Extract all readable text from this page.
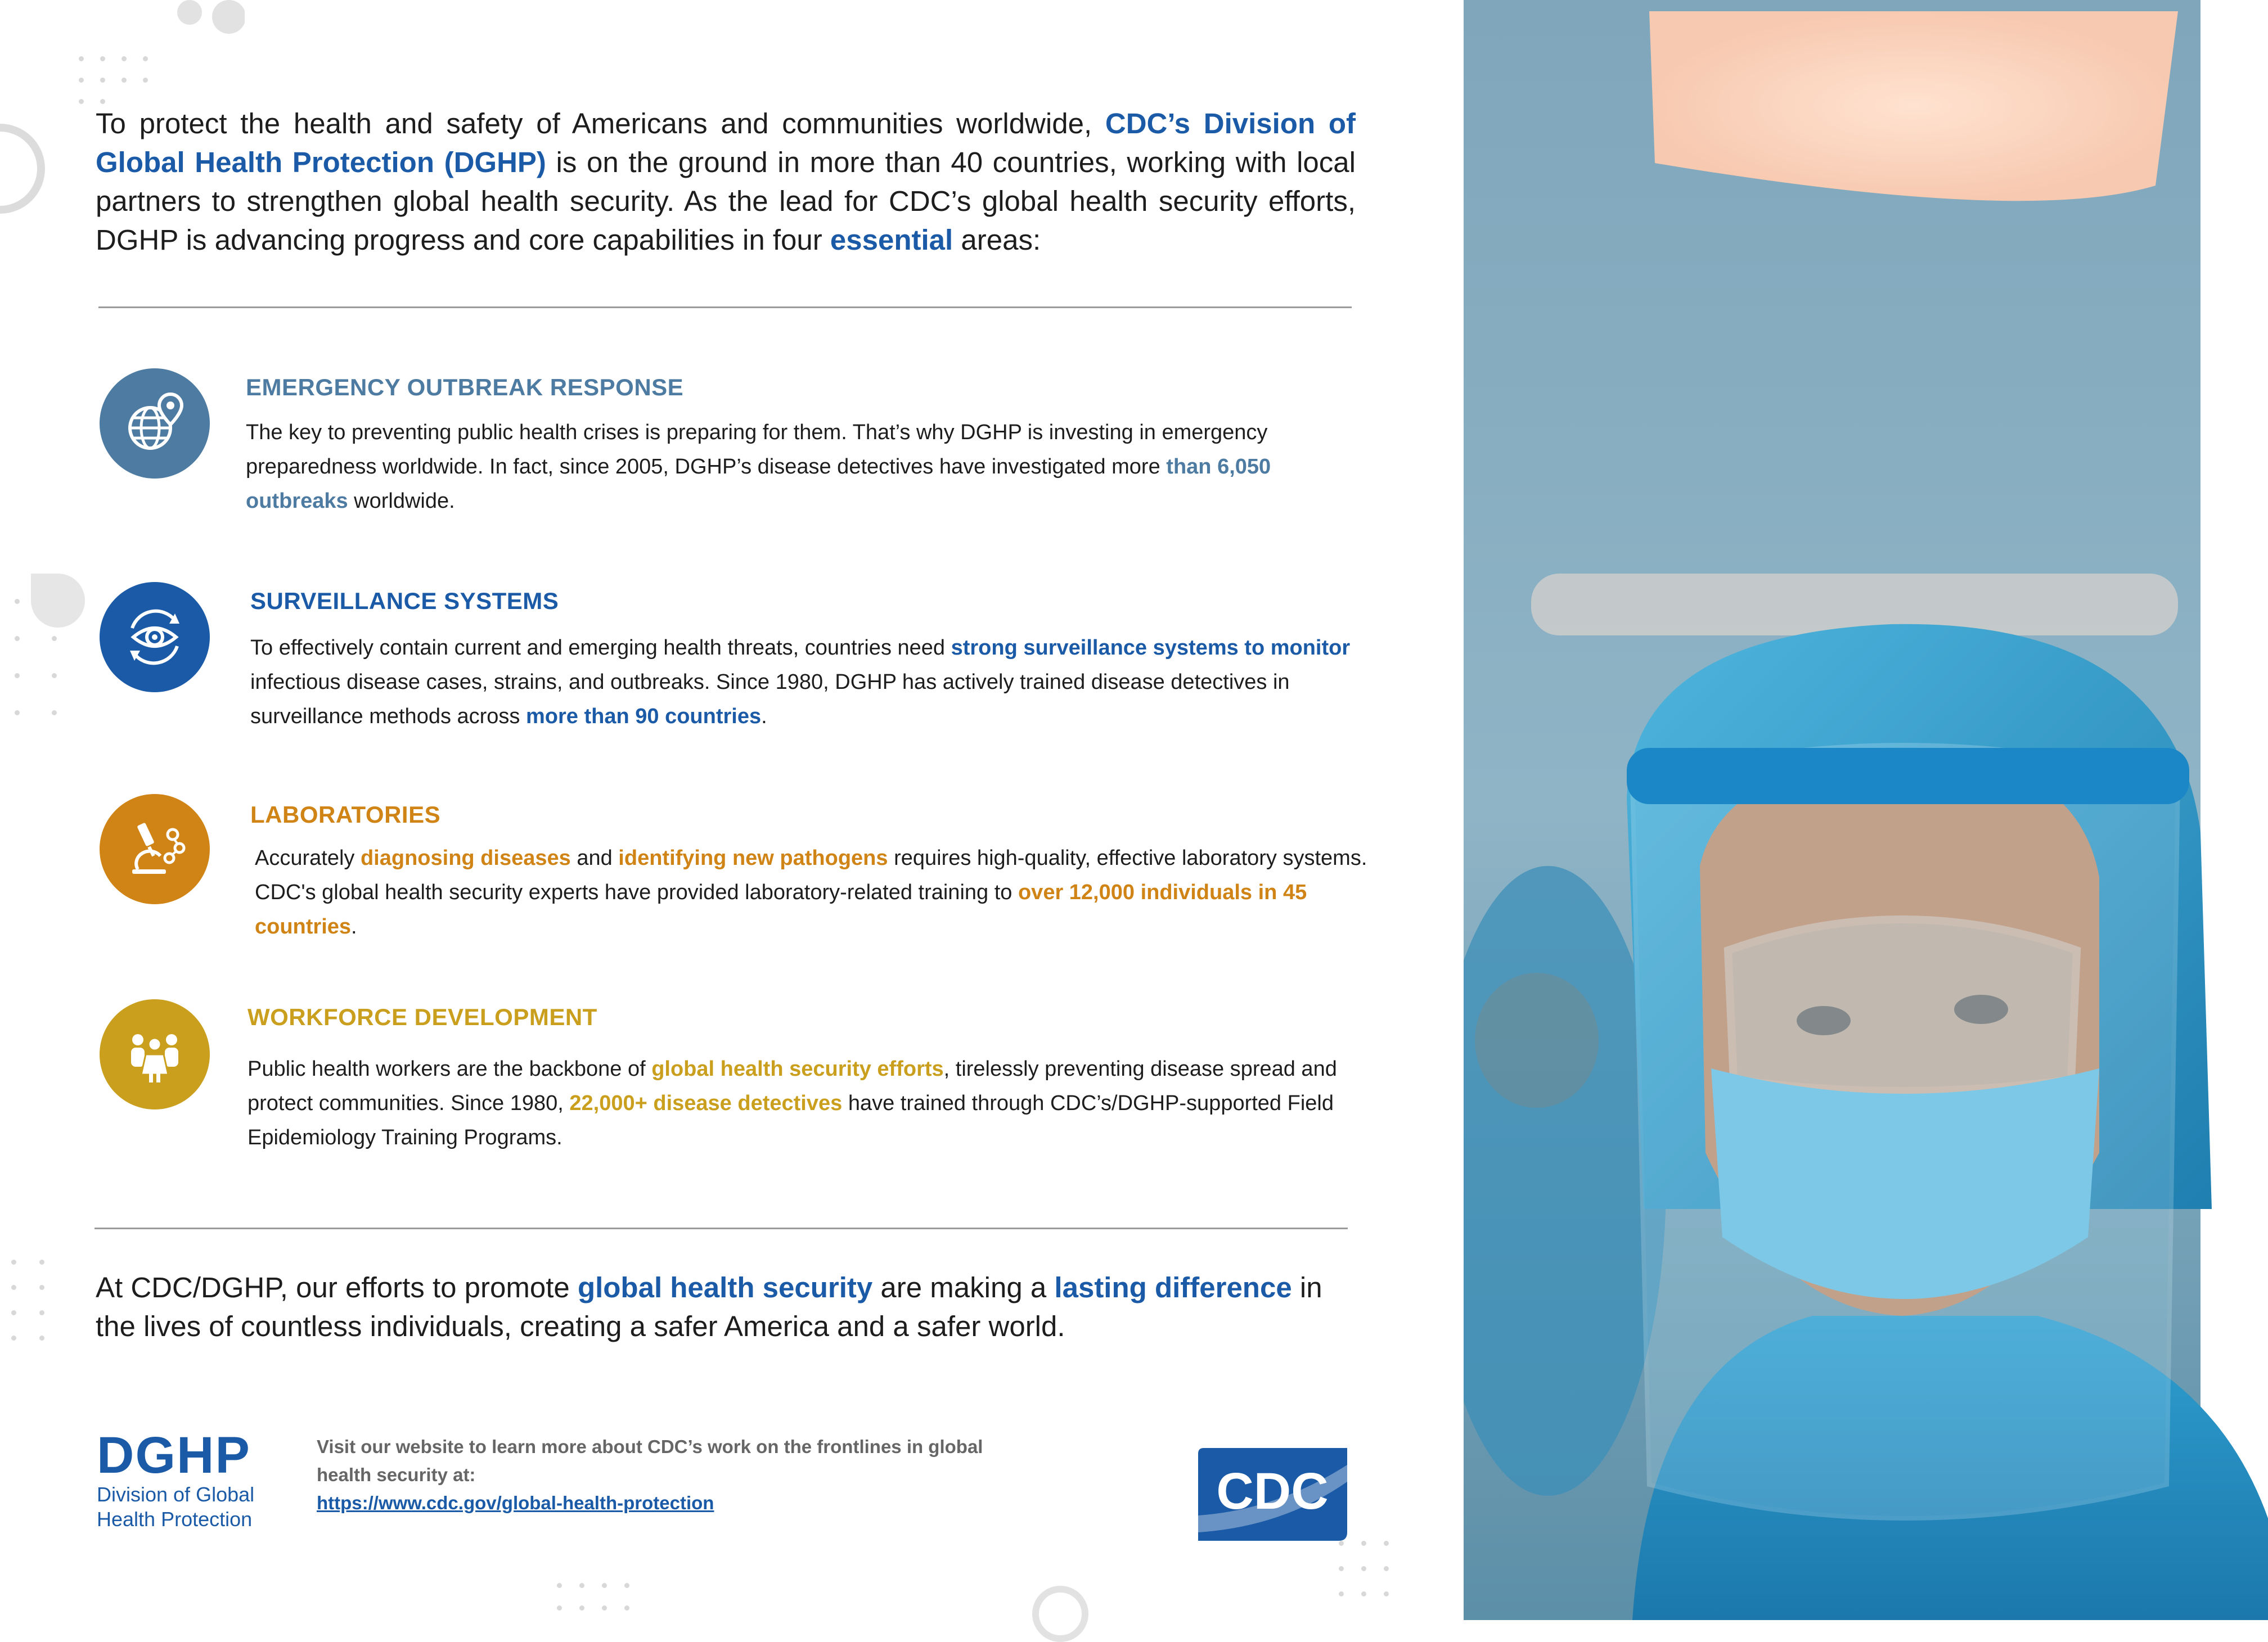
To protect the health and safety of Americans and communities worldwide, CDC’s Division of Global Health Protection (DGHP) is on the ground in more than 40 countries, working with local partners to strengthen global health security. As the lead for CDC’s global health security efforts, DGHP is advancing progress and core capabilities in four essential areas:
EMERGENCY OUTBREAK RESPONSE
The key to preventing public health crises is preparing for them. That’s why DGHP is investing in emergency preparedness worldwide. In fact, since 2005, DGHP’s disease detectives have investigated more than 6,050 outbreaks worldwide.
SURVEILLANCE SYSTEMS
To effectively contain current and emerging health threats, countries need strong surveillance systems to monitor infectious disease cases, strains, and outbreaks. Since 1980, DGHP has actively trained disease detectives in surveillance methods across more than 90 countries.
LABORATORIES
Accurately diagnosing diseases and identifying new pathogens requires high-quality, effective laboratory systems. CDC's global health security experts have provided laboratory-related training to over 12,000 individuals in 45 countries.
WORKFORCE DEVELOPMENT
Public health workers are the backbone of global health security efforts, tirelessly preventing disease spread and protect communities. Since 1980, 22,000+ disease detectives have trained through CDC’s/DGHP-supported Field Epidemiology Training Programs.
At CDC/DGHP, our efforts to promote global health security are making a lasting difference in the lives of countless individuals, creating a safer America and a safer world.
DGHP
Division of Global
Health Protection
Visit our website to learn more about CDC’s work on the frontlines in global health security at:
https://www.cdc.gov/global-health-protection	CDC
